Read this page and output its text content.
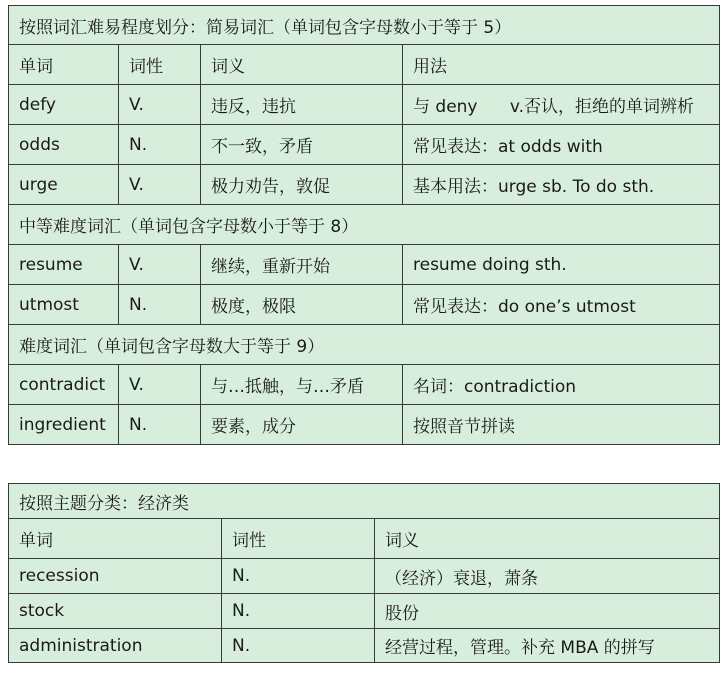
按照词汇难易程度划分：简易词汇（单词包含字母数小于等于 5）			
单词	词性	词义	用法
defy	V.	违反，违抗	与 deny      v.否认，拒绝的单词辨析
odds	N.	不一致，矛盾	常见表达：at odds with
urge	V.	极力劝告，敦促	基本用法：urge sb. To do sth.
中等难度词汇（单词包含字母数小于等于 8）			
resume	V.	继续，重新开始	resume doing sth.
utmost	N.	极度，极限	常见表达：do one’s utmost
难度词汇（单词包含字母数大于等于 9）			
contradict	V.	与…抵触，与…矛盾	名词：contradiction
ingredient	N.	要素，成分	按照音节拼读
按照主题分类：经济类		
单词	词性	词义
recession	N.	（经济）衰退，萧条
stock	N.	股份
administration	N.	经营过程，管理。补充 MBA 的拼写
